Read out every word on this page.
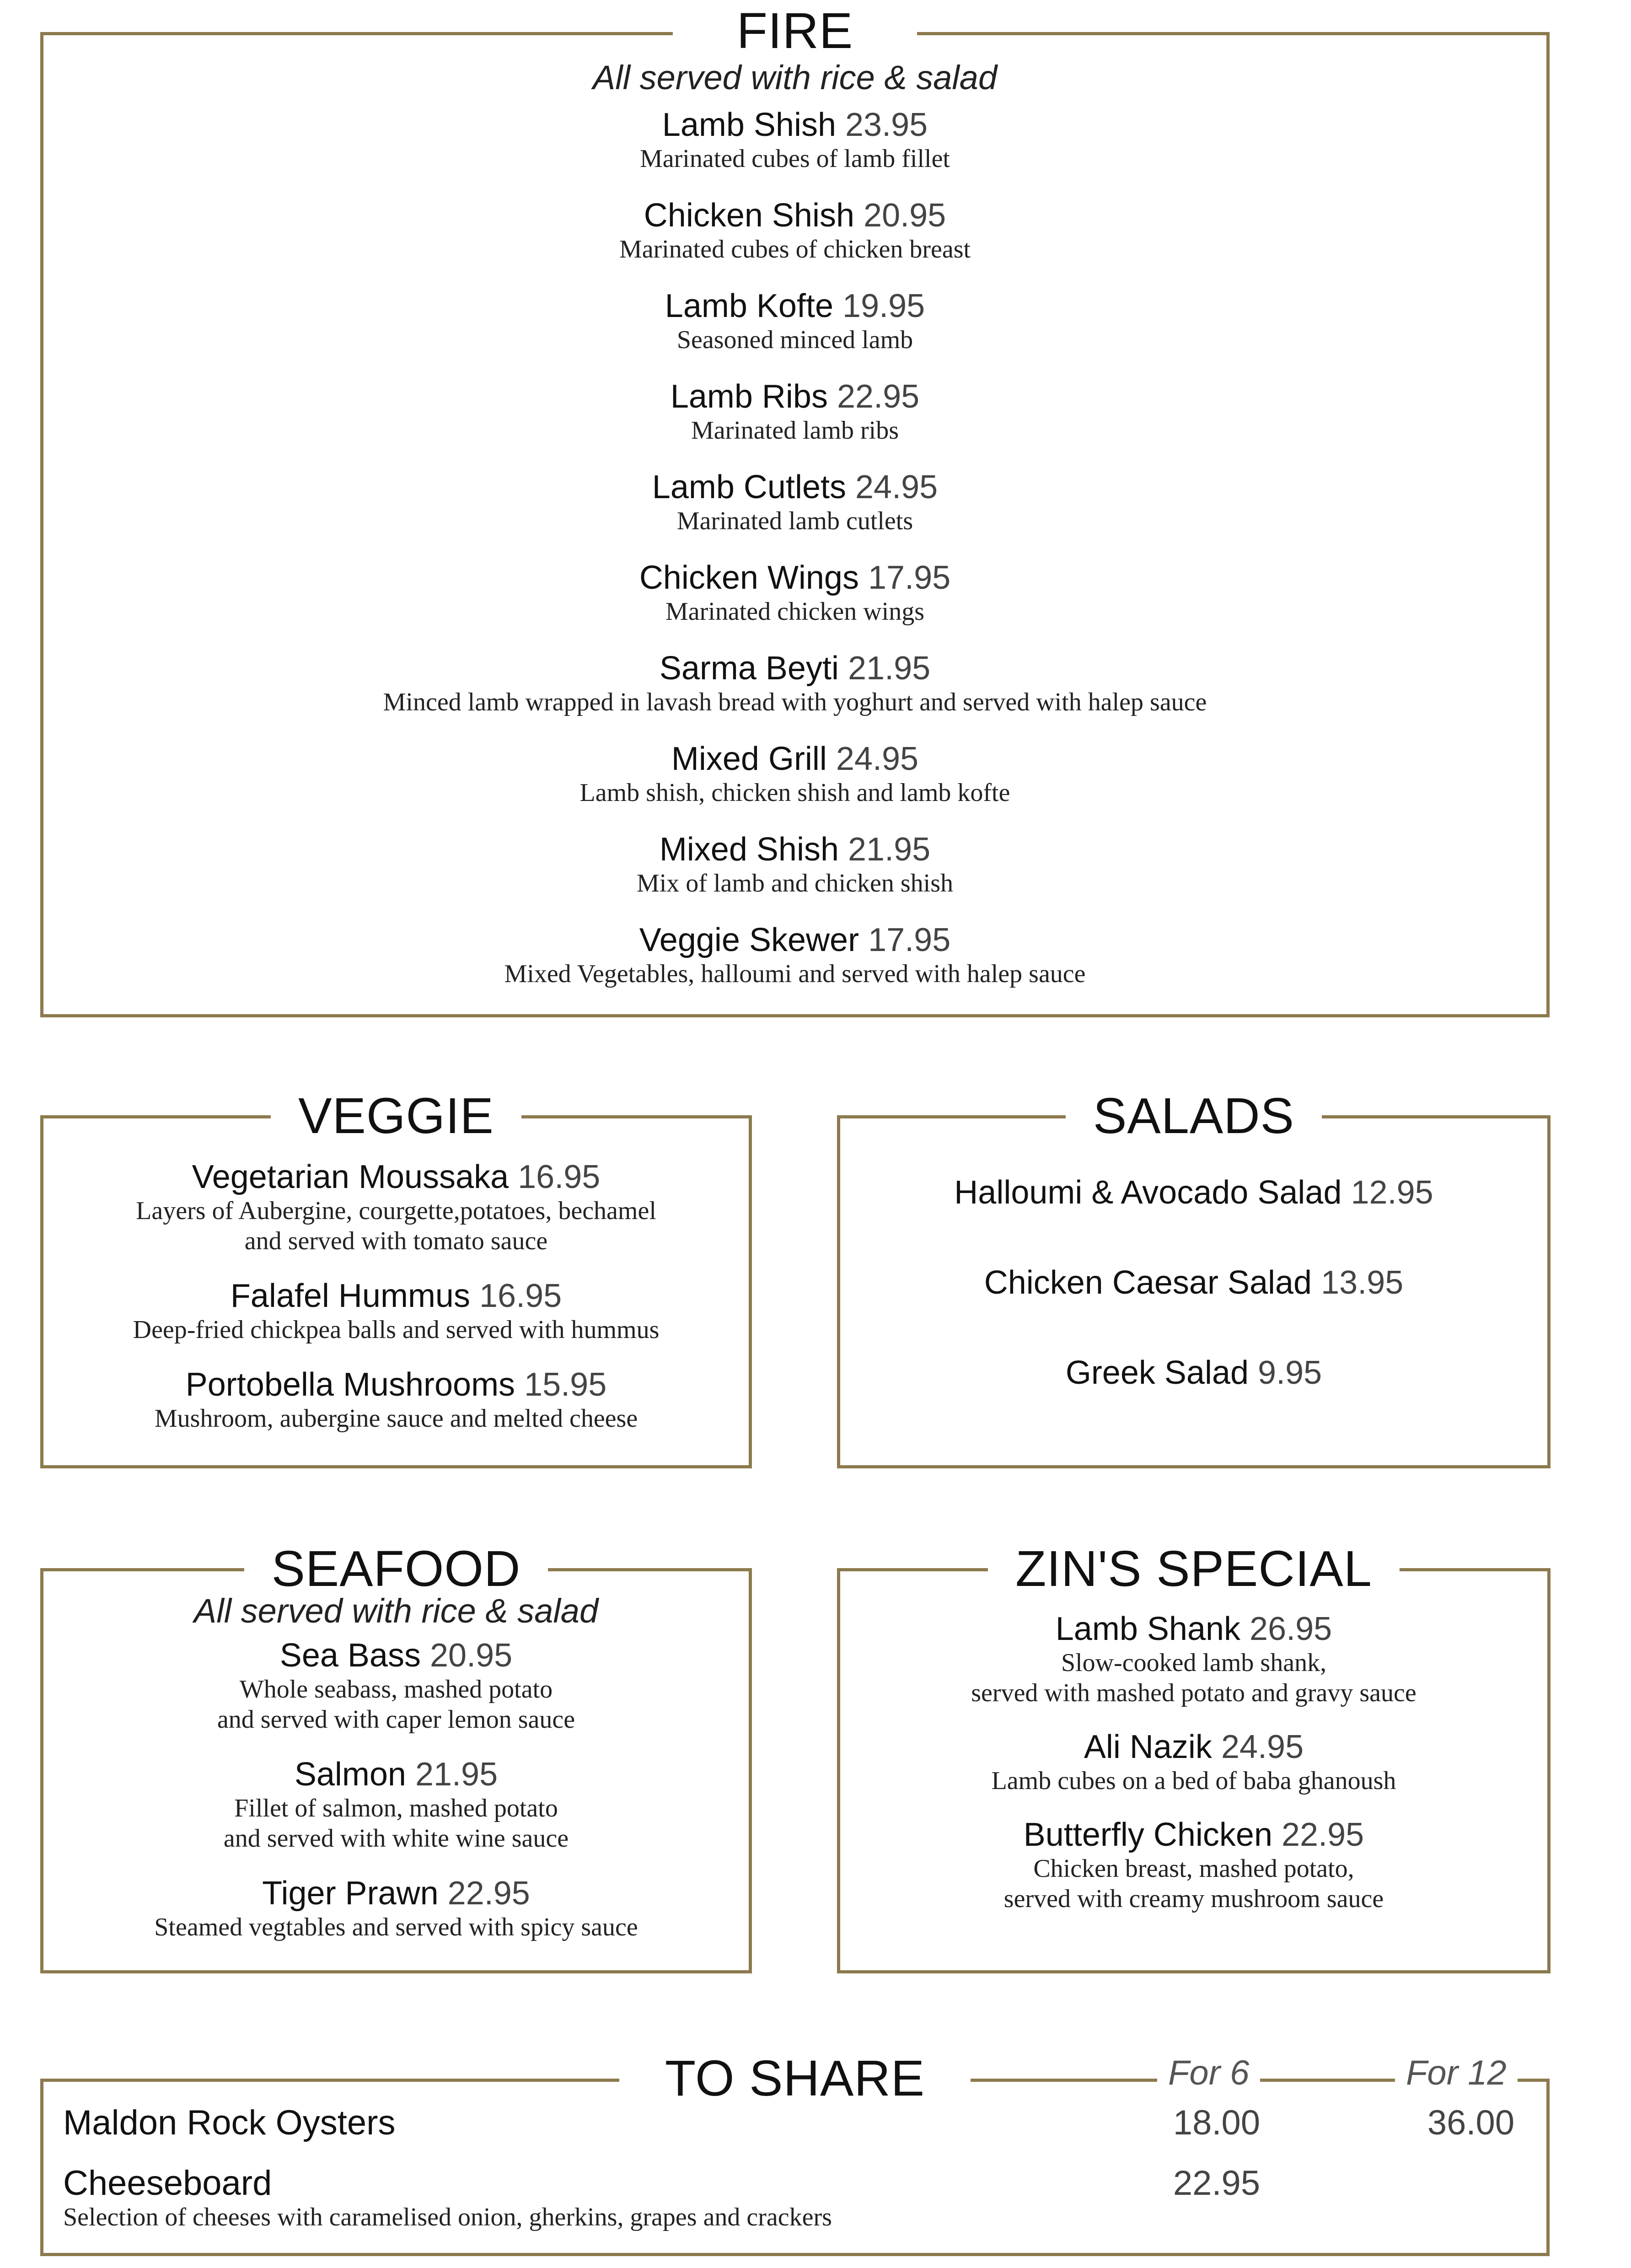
FIRE
All served with rice & salad
Lamb Shish 23.95
Marinated cubes of lamb fillet
Chicken Shish 20.95
Marinated cubes of chicken breast
Lamb Kofte 19.95
Seasoned minced lamb
Lamb Ribs 22.95
Marinated lamb ribs
Lamb Cutlets 24.95
Marinated lamb cutlets
Chicken Wings 17.95
Marinated chicken wings
Sarma Beyti 21.95
Minced lamb wrapped in lavash bread with yoghurt and served with halep sauce
Mixed Grill 24.95
Lamb shish, chicken shish and lamb kofte
Mixed Shish 21.95
Mix of lamb and chicken shish
Veggie Skewer 17.95
Mixed Vegetables, halloumi and served with halep sauce
VEGGIE
Vegetarian Moussaka 16.95
Layers of Aubergine, courgette,potatoes, bechamel
and served with tomato sauce
Falafel Hummus 16.95
Deep-fried chickpea balls and served with hummus
Portobella Mushrooms 15.95
Mushroom, aubergine sauce and melted cheese
SALADS
Halloumi & Avocado Salad 12.95
Chicken Caesar Salad 13.95
Greek Salad 9.95
SEAFOOD
All served with rice & salad
Sea Bass 20.95
Whole seabass, mashed potato
and served with caper lemon sauce
Salmon 21.95
Fillet of salmon, mashed potato
and served with white wine sauce
Tiger Prawn 22.95
Steamed vegtables and served with spicy sauce
ZIN'S SPECIAL
Lamb Shank 26.95
Slow-cooked lamb shank,
served with mashed potato and gravy sauce
Ali Nazik 24.95
Lamb cubes on a bed of baba ghanoush
Butterfly Chicken 22.95
Chicken breast, mashed potato,
served with creamy mushroom sauce
TO SHARE	For 6	For 12
Maldon Rock Oysters	18.00	36.00
Cheeseboard	22.95
Selection of cheeses with caramelised onion, gherkins, grapes and crackers
